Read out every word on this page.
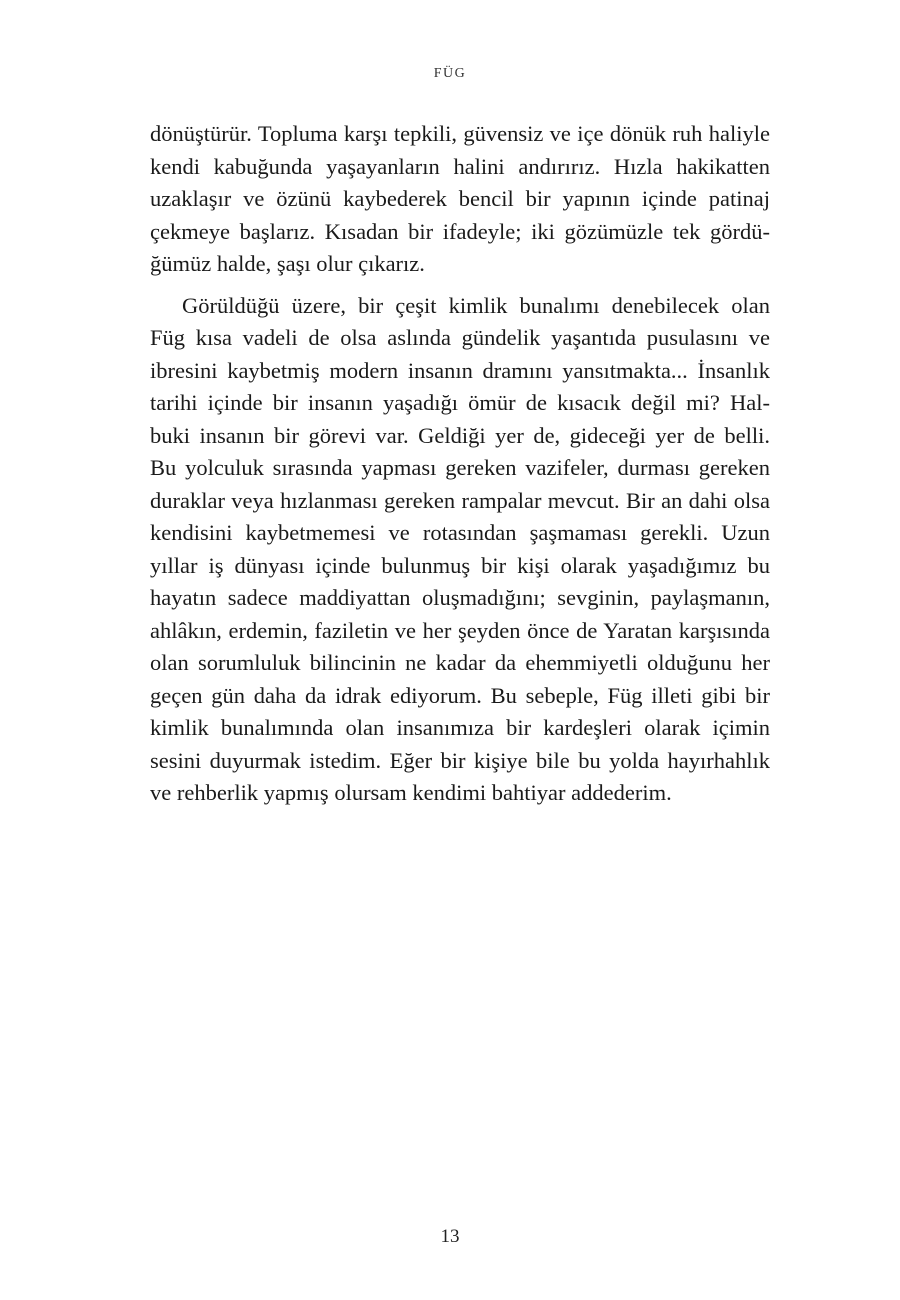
FÜG
dönüştürür. Topluma karşı tepkili, güvensiz ve içe dönük ruh haliyle
kendi kabuğunda yaşayanların halini andırırız. Hızla hakikatten
uzaklaşır ve özünü kaybederek bencil bir yapının içinde patinaj
çekmeye başlarız. Kısadan bir ifadeyle; iki gözümüzle tek gördü-
ğümüz halde, şaşı olur çıkarız.
Görüldüğü üzere, bir çeşit kimlik bunalımı denebilecek olan
Füg kısa vadeli de olsa aslında gündelik yaşantıda pusulasını ve
ibresini kaybetmiş modern insanın dramını yansıtmakta... İnsanlık
tarihi içinde bir insanın yaşadığı ömür de kısacık değil mi? Hal-
buki insanın bir görevi var. Geldiği yer de, gideceği yer de belli.
Bu yolculuk sırasında yapması gereken vazifeler, durması gereken
duraklar veya hızlanması gereken rampalar mevcut. Bir an dahi olsa
kendisini kaybetmemesi ve rotasından şaşmaması gerekli. Uzun
yıllar iş dünyası içinde bulunmuş bir kişi olarak yaşadığımız bu
hayatın sadece maddiyattan oluşmadığını; sevginin, paylaşmanın,
ahlâkın, erdemin, faziletin ve her şeyden önce de Yaratan karşısında
olan sorumluluk bilincinin ne kadar da ehemmiyetli olduğunu her
geçen gün daha da idrak ediyorum. Bu sebeple, Füg illeti gibi bir
kimlik bunalımında olan insanımıza bir kardeşleri olarak içimin
sesini duyurmak istedim. Eğer bir kişiye bile bu yolda hayırhahlık
ve rehberlik yapmış olursam kendimi bahtiyar addederim.
13
